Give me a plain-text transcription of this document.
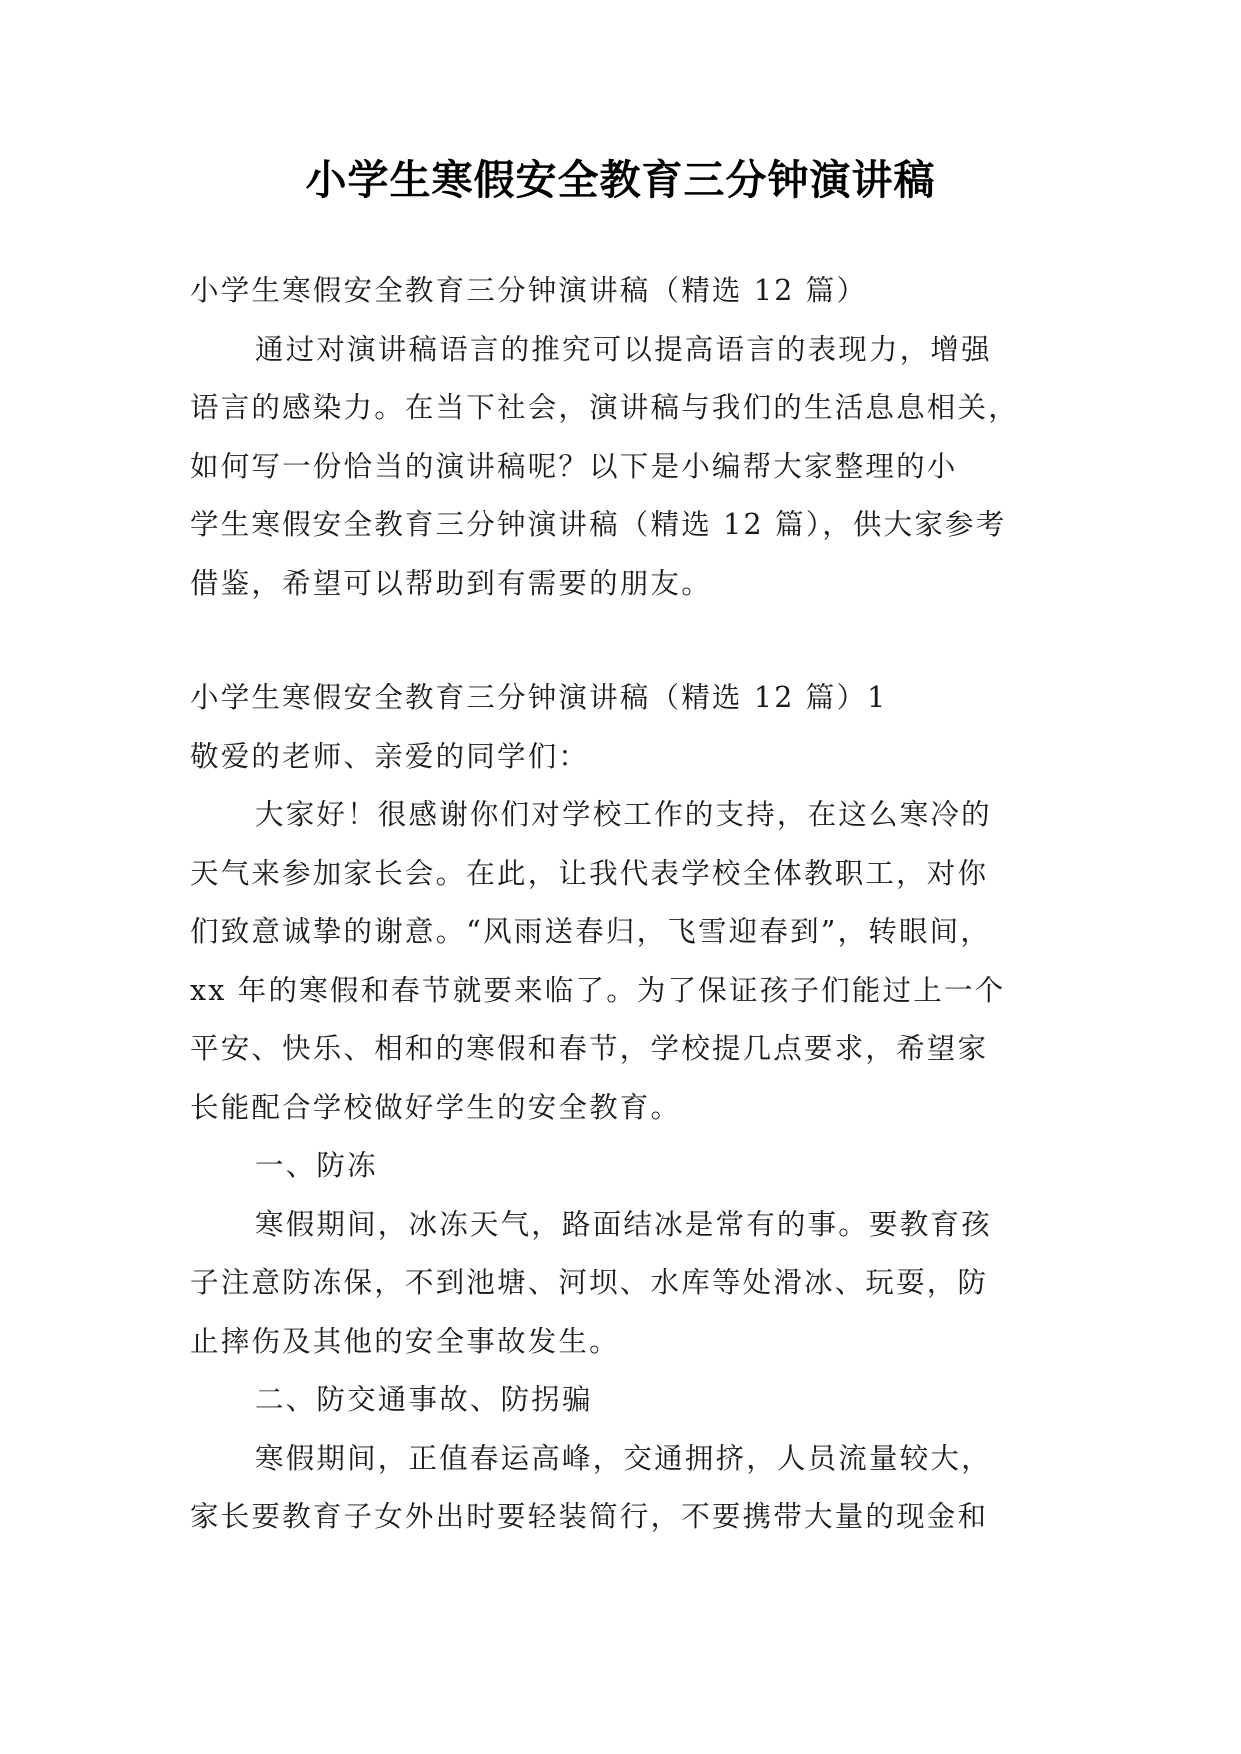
小学生寒假安全教育三分钟演讲稿
小学生寒假安全教育三分钟演讲稿（精选 12 篇）
通过对演讲稿语言的推究可以提高语言的表现力，增强
语言的感染力。在当下社会，演讲稿与我们的生活息息相关，
如何写一份恰当的演讲稿呢？以下是小编帮大家整理的小
学生寒假安全教育三分钟演讲稿（精选 12 篇），供大家参考
借鉴，希望可以帮助到有需要的朋友。
小学生寒假安全教育三分钟演讲稿（精选 12 篇）1
敬爱的老师、亲爱的同学们：
大家好！很感谢你们对学校工作的支持，在这么寒冷的
天气来参加家长会。在此，让我代表学校全体教职工，对你
们致意诚挚的谢意。“风雨送春归，飞雪迎春到”，转眼间，
xx 年的寒假和春节就要来临了。为了保证孩子们能过上一个
平安、快乐、相和的寒假和春节，学校提几点要求，希望家
长能配合学校做好学生的安全教育。
一、防冻
寒假期间，冰冻天气，路面结冰是常有的事。要教育孩
子注意防冻保，不到池塘、河坝、水库等处滑冰、玩耍，防
止摔伤及其他的安全事故发生。
二、防交通事故、防拐骗
寒假期间，正值春运高峰，交通拥挤，人员流量较大，
家长要教育子女外出时要轻装简行，不要携带大量的现金和
